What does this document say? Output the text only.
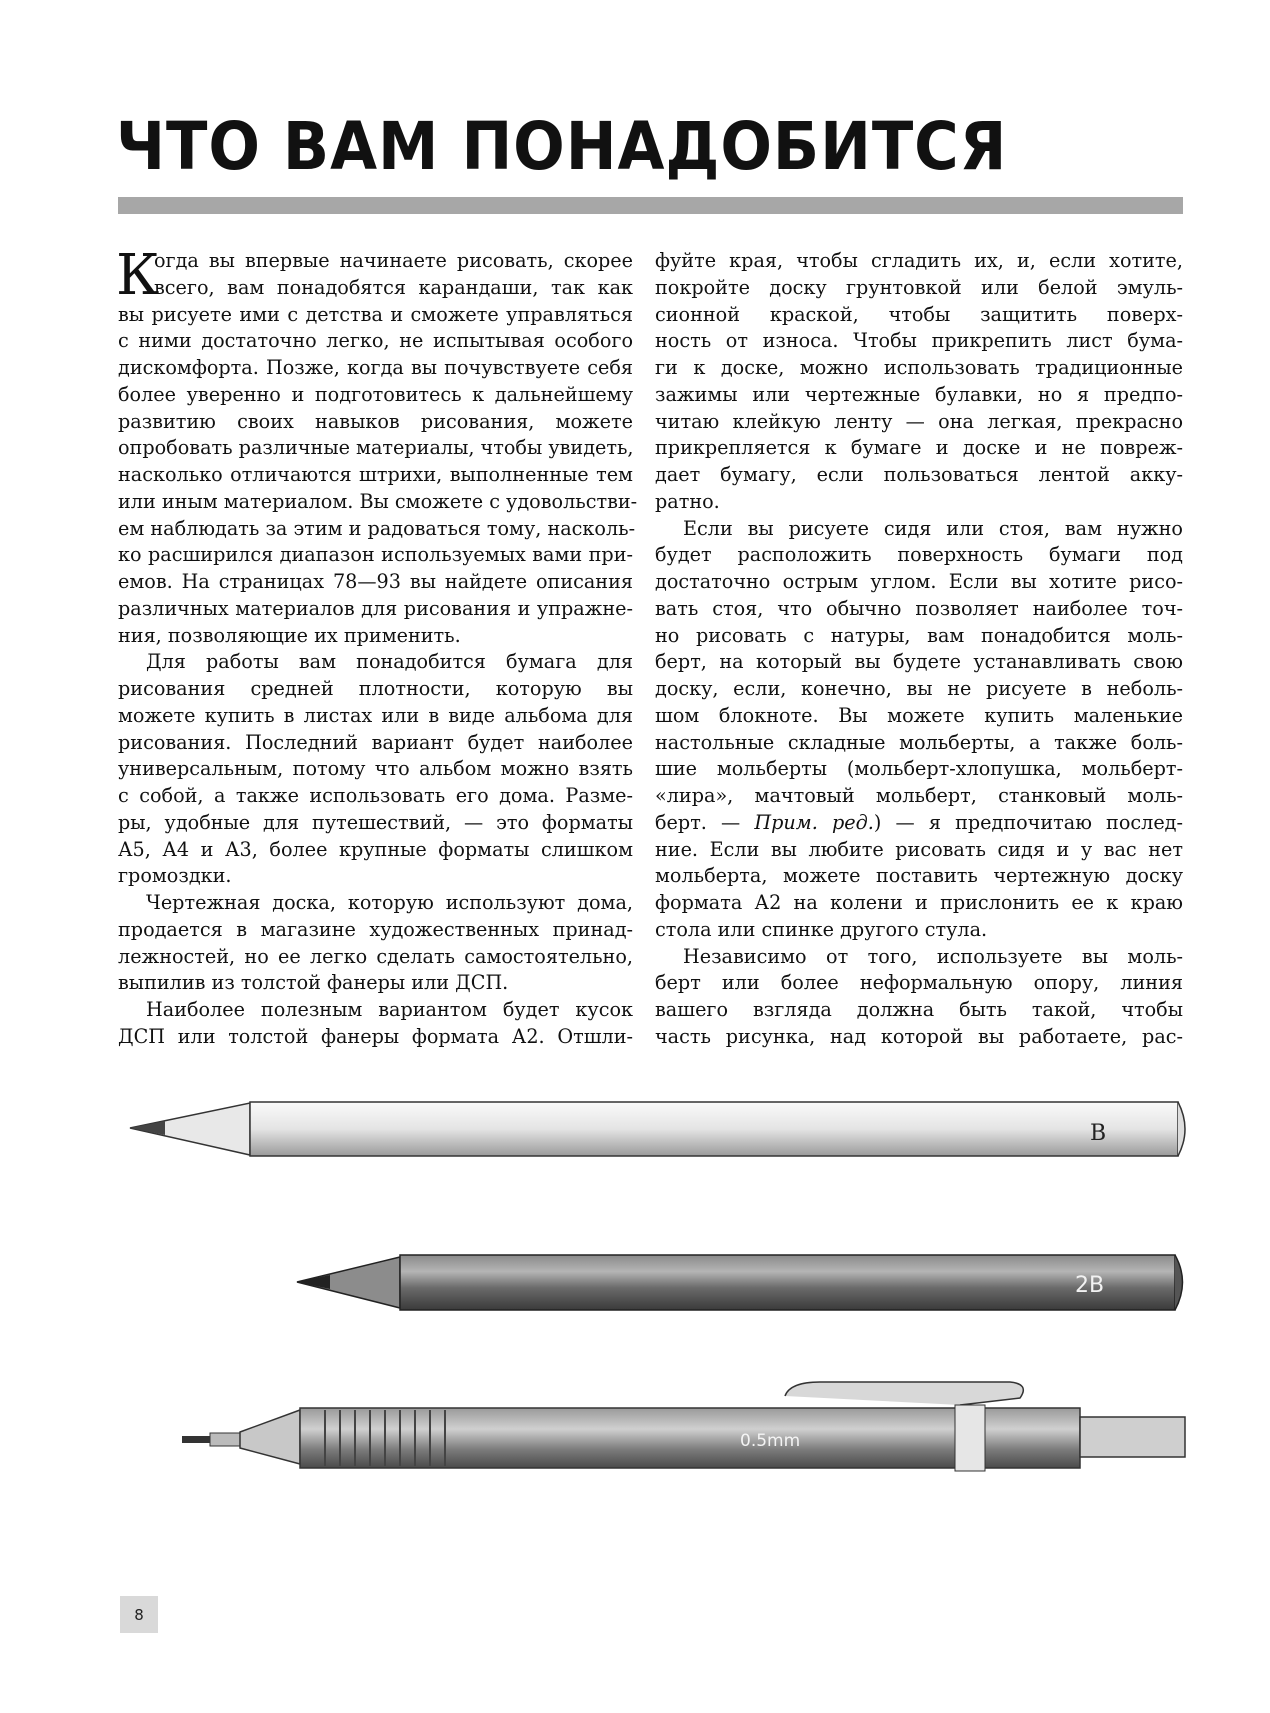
ЧТО ВАМ ПОНАДОБИТСЯ
К
огда вы впервые начинаете рисовать, скорее
всего, вам понадобятся карандаши, так как
вы рисуете ими с детства и сможете управляться
с ними достаточно легко, не испытывая особого
дискомфорта. Позже, когда вы почувствуете себя
более уверенно и подготовитесь к дальнейшему
развитию своих навыков рисования, можете
опробовать различные материалы, чтобы увидеть,
насколько отличаются штрихи, выполненные тем
или иным материалом. Вы сможете с удовольстви-
ем наблюдать за этим и радоваться тому, насколь-
ко расширился диапазон используемых вами при-
емов. На страницах 78—93 вы найдете описания
различных материалов для рисования и упражне-
ния, позволяющие их применить.
Для работы вам понадобится бумага для
рисования средней плотности, которую вы
можете купить в листах или в виде альбома для
рисования. Последний вариант будет наиболее
универсальным, потому что альбом можно взять
с собой, а также использовать его дома. Разме-
ры, удобные для путешествий, — это форматы
А5, А4 и А3, более крупные форматы слишком
громоздки.
Чертежная доска, которую используют дома,
продается в магазине художественных принад-
лежностей, но ее легко сделать самостоятельно,
выпилив из толстой фанеры или ДСП.
Наиболее полезным вариантом будет кусок
ДСП или толстой фанеры формата А2. Отшли-
фуйте края, чтобы сгладить их, и, если хотите,
покройте доску грунтовкой или белой эмуль-
сионной краской, чтобы защитить поверх-
ность от износа. Чтобы прикрепить лист бума-
ги к доске, можно использовать традиционные
зажимы или чертежные булавки, но я предпо-
читаю клейкую ленту — она легкая, прекрасно
прикрепляется к бумаге и доске и не повреж-
дает бумагу, если пользоваться лентой акку-
ратно.
Если вы рисуете сидя или стоя, вам нужно
будет расположить поверхность бумаги под
достаточно острым углом. Если вы хотите рисо-
вать стоя, что обычно позволяет наиболее точ-
но рисовать с натуры, вам понадобится моль-
берт, на который вы будете устанавливать свою
доску, если, конечно, вы не рисуете в неболь-
шом блокноте. Вы можете купить маленькие
настольные складные мольберты, а также боль-
шие мольберты (мольберт-хлопушка, мольберт-
«лира», мачтовый мольберт, станковый моль-
берт. — Прим. ред.) — я предпочитаю послед-
ние. Если вы любите рисовать сидя и у вас нет
мольберта, можете поставить чертежную доску
формата А2 на колени и прислонить ее к краю
стола или спинке другого стула.
Независимо от того, используете вы моль-
берт или более неформальную опору, линия
вашего взгляда должна быть такой, чтобы
часть рисунка, над которой вы работаете, рас-
B
2B
0.5mm
8
